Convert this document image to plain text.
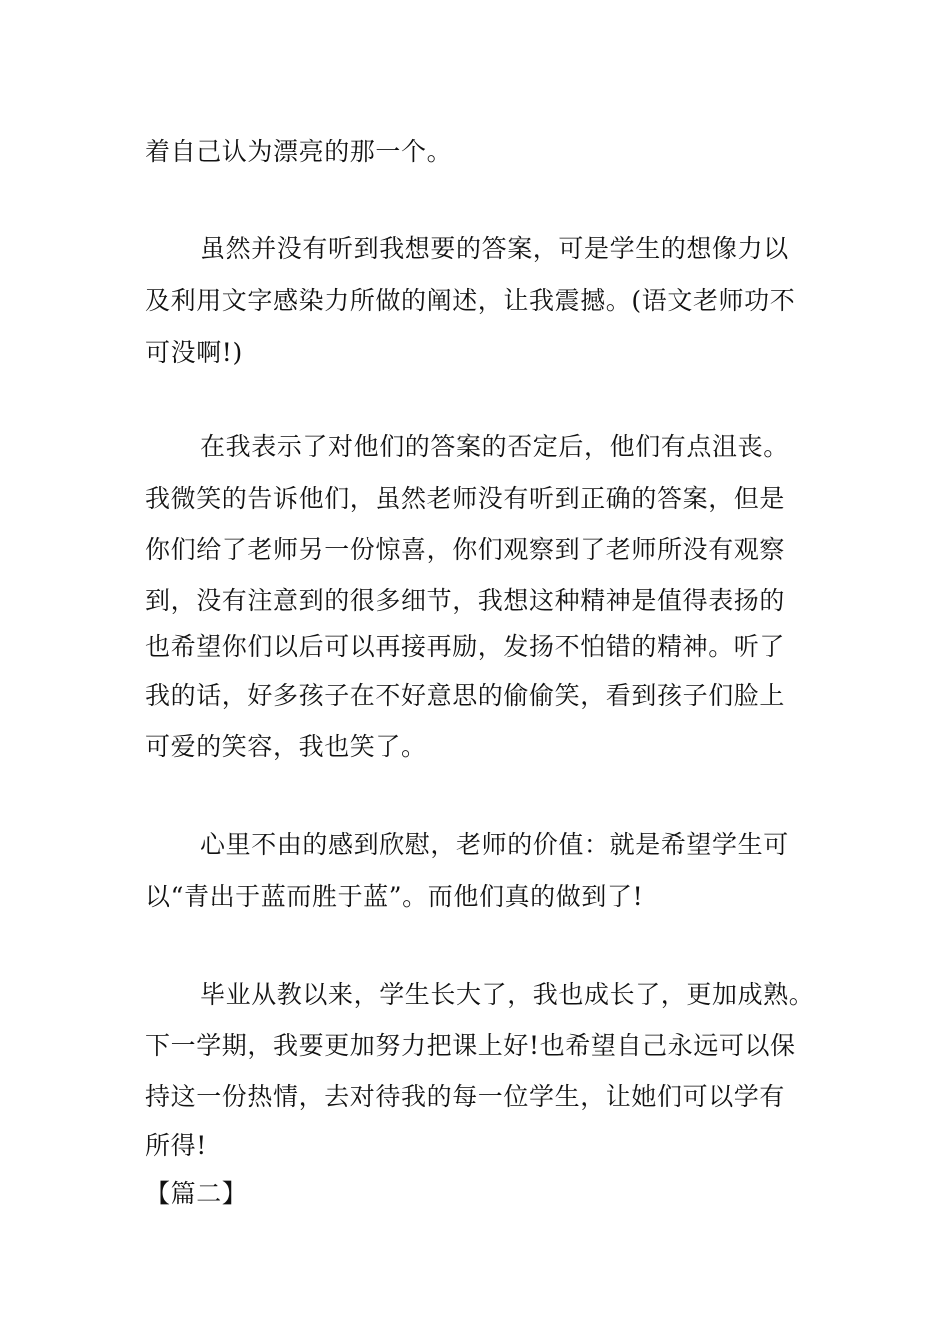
着自己认为漂亮的那一个。
虽然并没有听到我想要的答案，可是学生的想像力以
及利用文字感染力所做的阐述，让我震撼。(语文老师功不
可没啊!)
在我表示了对他们的答案的否定后，他们有点沮丧。
我微笑的告诉他们，虽然老师没有听到正确的答案，但是
你们给了老师另一份惊喜，你们观察到了老师所没有观察
到，没有注意到的很多细节，我想这种精神是值得表扬的
也希望你们以后可以再接再励，发扬不怕错的精神。听了
我的话，好多孩子在不好意思的偷偷笑，看到孩子们脸上
可爱的笑容，我也笑了。
心里不由的感到欣慰，老师的价值：就是希望学生可
以“青出于蓝而胜于蓝”。而他们真的做到了!
毕业从教以来，学生长大了，我也成长了，更加成熟。
下一学期，我要更加努力把课上好!也希望自己永远可以保
持这一份热情，去对待我的每一位学生，让她们可以学有
所得!
【篇二】
